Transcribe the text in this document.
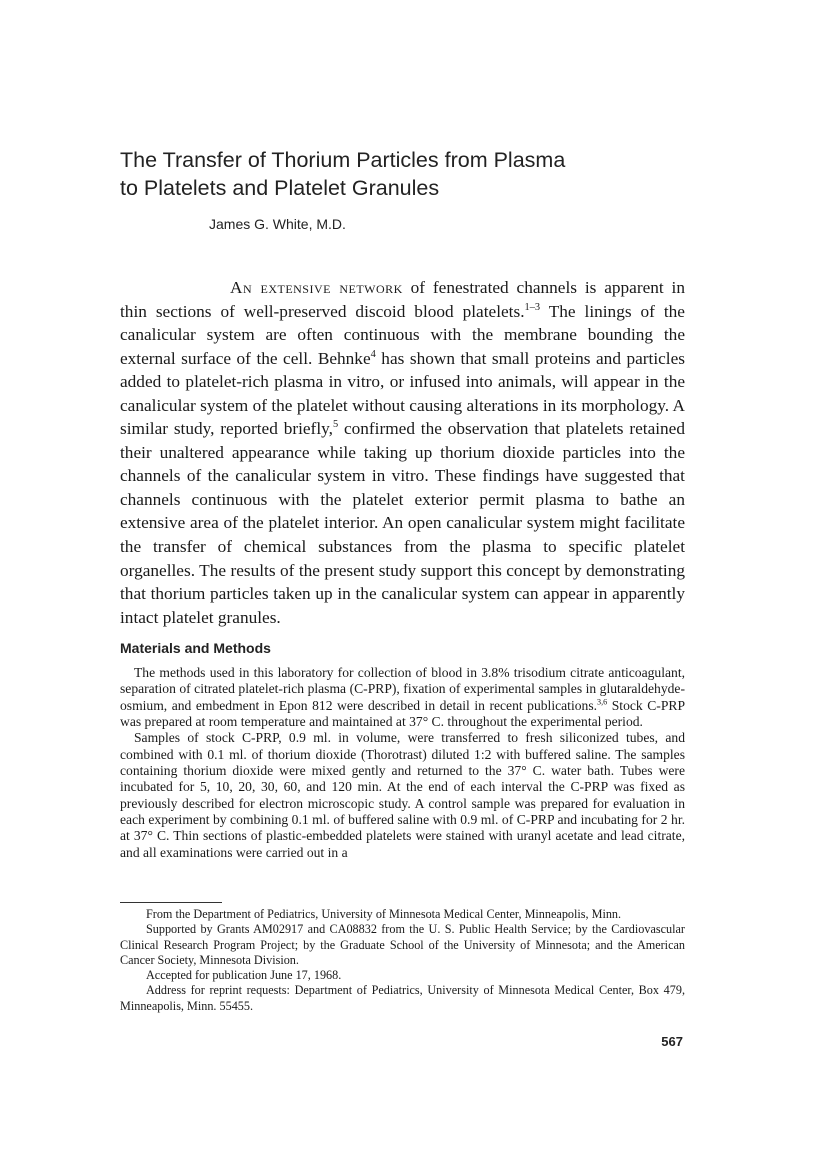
The Transfer of Thorium Particles from Plasma
to Platelets and Platelet Granules
James G. White, M.D.

An extensive network of fenestrated channels is apparent in thin sections of well-preserved discoid blood platelets.$^{1-3}$ The linings of the canalicular system are often continuous with the membrane bounding the external surface of the cell. Behnke$^4$ has shown that small proteins and particles added to platelet-rich plasma in vitro, or infused into animals, will appear in the canalicular system of the platelet without causing alterations in its morphology. A similar study, reported briefly,$^5$ confirmed the observation that platelets retained their unaltered appearance while taking up thorium dioxide particles into the channels of the canalicular system in vitro. These findings have suggested that channels continuous with the platelet exterior permit plasma to bathe an extensive area of the platelet interior. An open canalicular system might facilitate the transfer of chemical substances from the plasma to specific platelet organelles. The results of the present study support this concept by demonstrating that thorium particles taken up in the canalicular system can appear in apparently intact platelet granules.

Materials and Methods

The methods used in this laboratory for collection of blood in 3.8% trisodium citrate anticoagulant, separation of citrated platelet-rich plasma (C-PRP), fixation of experimental samples in glutaraldehyde-osmium, and embedment in Epon 812 were described in detail in recent publications.$^{3,6}$ Stock C-PRP was prepared at room temperature and maintained at 37° C. throughout the experimental period.

Samples of stock C-PRP, 0.9 ml. in volume, were transferred to fresh siliconized tubes, and combined with 0.1 ml. of thorium dioxide (Thorotrast) diluted 1:2 with buffered saline. The samples containing thorium dioxide were mixed gently and returned to the 37° C. water bath. Tubes were incubated for 5, 10, 20, 30, 60, and 120 min. At the end of each interval the C-PRP was fixed as previously described for electron microscopic study. A control sample was prepared for evaluation in each experiment by combining 0.1 ml. of buffered saline with 0.9 ml. of C-PRP and incubating for 2 hr. at 37° C. Thin sections of plastic-embedded platelets were stained with uranyl acetate and lead citrate, and all examinations were carried out in a

From the Department of Pediatrics, University of Minnesota Medical Center, Minneapolis, Minn.

Supported by Grants AM02917 and CA08832 from the U. S. Public Health Service; by the Cardiovascular Clinical Research Program Project; by the Graduate School of the University of Minnesota; and the American Cancer Society, Minnesota Division.

Accepted for publication June 17, 1968.

Address for reprint requests: Department of Pediatrics, University of Minnesota Medical Center, Box 479, Minneapolis, Minn. 55455.

567
